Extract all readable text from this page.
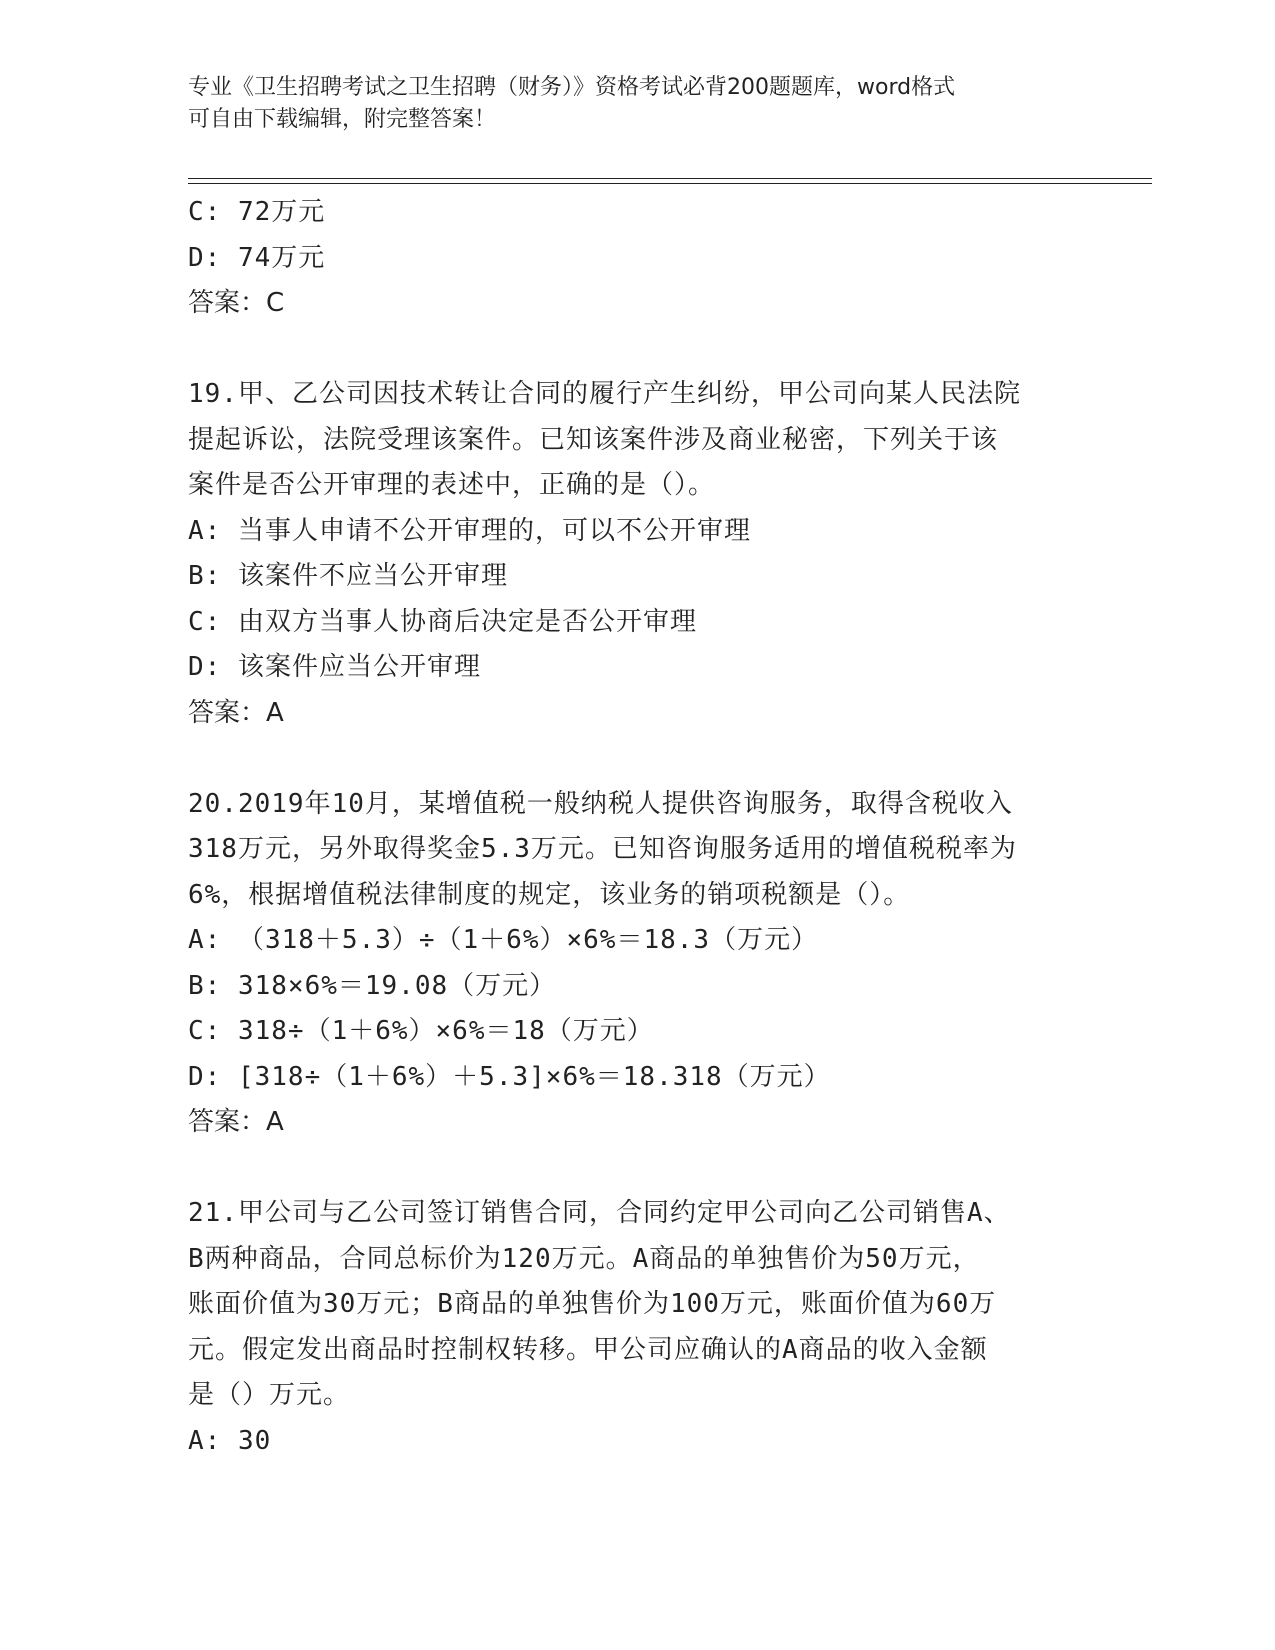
专业《卫生招聘考试之卫生招聘（财务）》资格考试必背200题题库，word格式
可自由下载编辑，附完整答案！
C: 72万元
D: 74万元
答案：C
19.甲、乙公司因技术转让合同的履行产生纠纷，甲公司向某人民法院
提起诉讼，法院受理该案件。已知该案件涉及商业秘密，下列关于该
案件是否公开审理的表述中，正确的是（）。
A: 当事人申请不公开审理的，可以不公开审理
B: 该案件不应当公开审理
C: 由双方当事人协商后决定是否公开审理
D: 该案件应当公开审理
答案：A
20.2019年10月，某增值税一般纳税人提供咨询服务，取得含税收入
318万元，另外取得奖金5.3万元。已知咨询服务适用的增值税税率为
6%，根据增值税法律制度的规定，该业务的销项税额是（）。
A: （318＋5.3）÷（1＋6%）×6%＝18.3（万元）
B: 318×6%＝19.08（万元）
C: 318÷（1＋6%）×6%＝18（万元）
D: [318÷（1＋6%）＋5.3]×6%＝18.318（万元）
答案：A
21.甲公司与乙公司签订销售合同，合同约定甲公司向乙公司销售A、
B两种商品，合同总标价为120万元。A商品的单独售价为50万元，
账面价值为30万元；B商品的单独售价为100万元，账面价值为60万
元。假定发出商品时控制权转移。甲公司应确认的A商品的收入金额
是（）万元。
A: 30
